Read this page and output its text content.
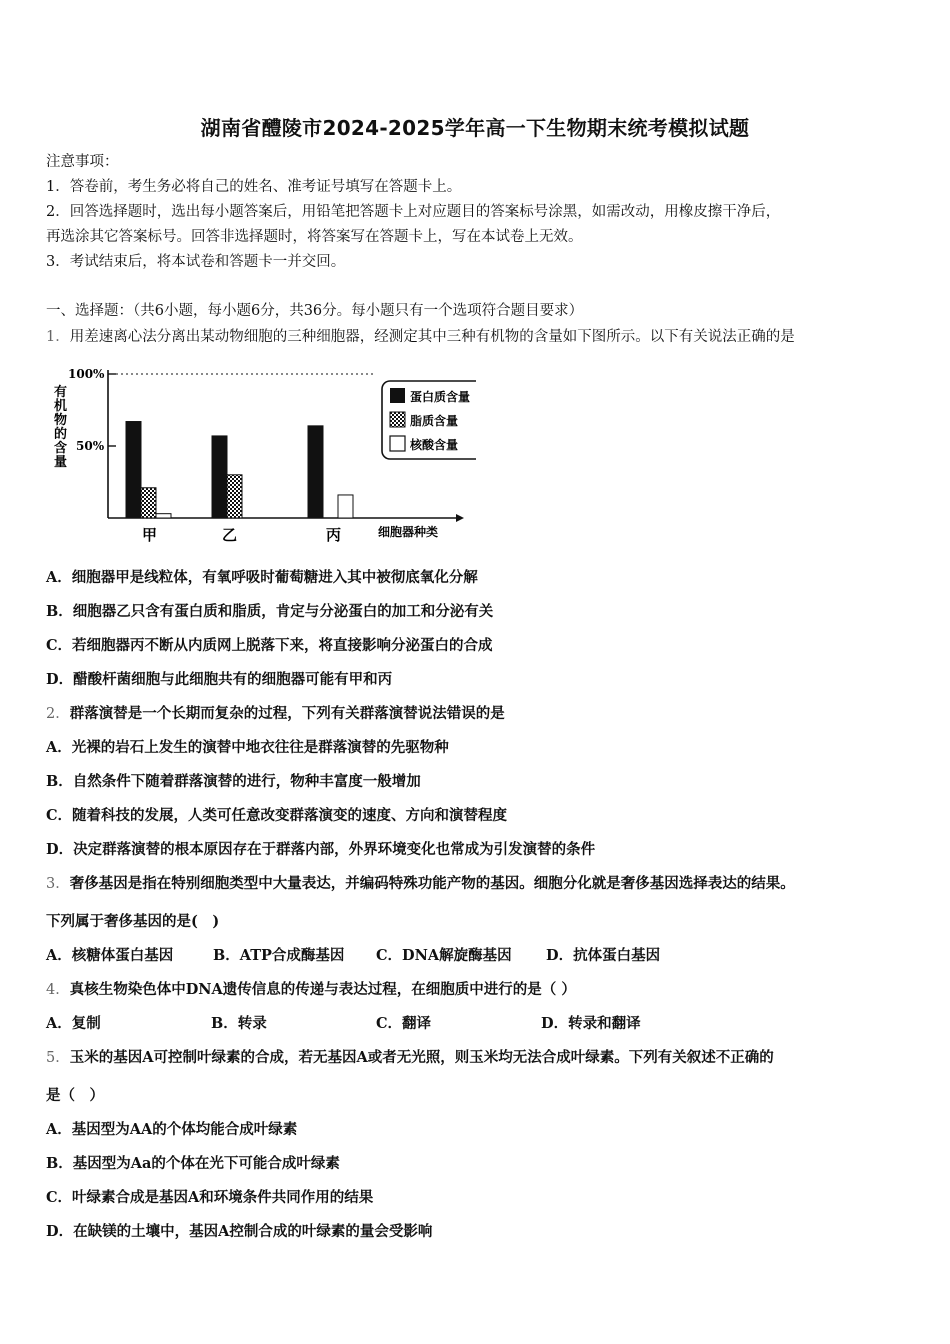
湖南省醴陵市2024-2025学年高一下生物期末统考模拟试题
注意事项：
1．答卷前，考生务必将自己的姓名、准考证号填写在答题卡上。
2．回答选择题时，选出每小题答案后，用铅笔把答题卡上对应题目的答案标号涂黑，如需改动，用橡皮擦干净后，
再选涂其它答案标号。回答非选择题时，将答案写在答题卡上，写在本试卷上无效。
3．考试结束后，将本试卷和答题卡一并交回。
一、选择题：（共6小题，每小题6分，共36分。每小题只有一个选项符合题目要求）
1．用差速离心法分离出某动物细胞的三种细胞器，经测定其中三种有机物的含量如下图所示。以下有关说法正确的是
有机物的含量
100%
50%
甲	乙	丙	细胞器种类
蛋白质含量
脂质含量
核酸含量
A．细胞器甲是线粒体，有氧呼吸时葡萄糖进入其中被彻底氧化分解
B．细胞器乙只含有蛋白质和脂质，肯定与分泌蛋白的加工和分泌有关
C．若细胞器丙不断从内质网上脱落下来，将直接影响分泌蛋白的合成
D．醋酸杆菌细胞与此细胞共有的细胞器可能有甲和丙
2．群落演替是一个长期而复杂的过程，下列有关群落演替说法错误的是
A．光裸的岩石上发生的演替中地衣往往是群落演替的先驱物种
B．自然条件下随着群落演替的进行，物种丰富度一般增加
C．随着科技的发展，人类可任意改变群落演变的速度、方向和演替程度
D．决定群落演替的根本原因存在于群落内部，外界环境变化也常成为引发演替的条件
3．奢侈基因是指在特别细胞类型中大量表达，并编码特殊功能产物的基因。细胞分化就是奢侈基因选择表达的结果。
下列属于奢侈基因的是(　)
A．核糖体蛋白基因	B．ATP合成酶基因 C．DNA解旋酶基因 D．抗体蛋白基因
4．真核生物染色体中DNA遗传信息的传递与表达过程，在细胞质中进行的是（ ）
A．复制	B．转录	C．翻译	D．转录和翻译
5．玉米的基因A可控制叶绿素的合成，若无基因A或者无光照，则玉米均无法合成叶绿素。下列有关叙述不正确的
是（　）
A．基因型为AA的个体均能合成叶绿素
B．基因型为Aa的个体在光下可能合成叶绿素
C．叶绿素合成是基因A和环境条件共同作用的结果
D．在缺镁的土壤中，基因A控制合成的叶绿素的量会受影响
